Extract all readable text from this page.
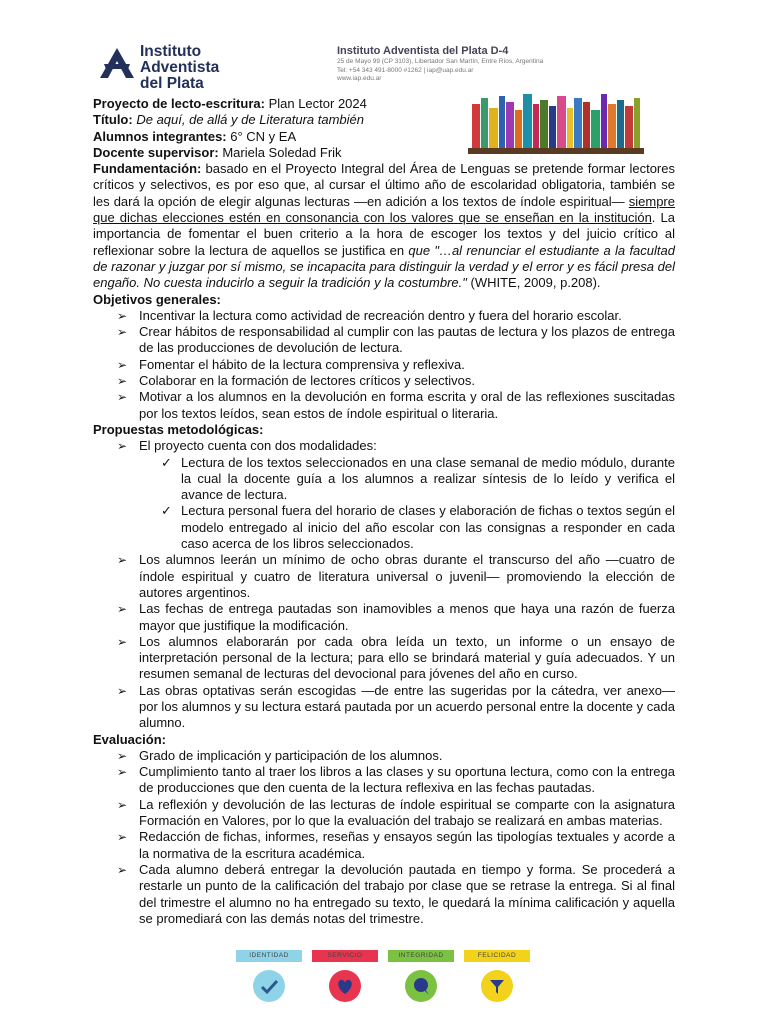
Instituto
Adventista
del Plata
Instituto Adventista del Plata D-4
25 de Mayo 99 (CP 3103), Libertador San Martín, Entre Ríos, Argentina
Tel: +54 343 491-8000 #1262 | iap@uap.edu.ar
www.iap.edu.ar

Proyecto de lecto-escritura: Plan Lector 2024

Título: De aquí, de allá y de Literatura también

Alumnos integrantes: 6° CN y EA

Docente supervisor: Mariela Soledad Frik

Fundamentación: basado en el Proyecto Integral del Área de Lenguas se pretende formar lectores críticos y selectivos, es por eso que, al cursar el último año de escolaridad obligatoria, también se les dará la opción de elegir algunas lecturas —en adición a los textos de índole espiritual— siempre que dichas elecciones estén en consonancia con los valores que se enseñan en la institución. La importancia de fomentar el buen criterio a la hora de escoger los textos y del juicio crítico al reflexionar sobre la lectura de aquellos se justifica en que "…al renunciar el estudiante a la facultad de razonar y juzgar por sí mismo, se incapacita para distinguir la verdad y el error y es fácil presa del engaño. No cuesta inducirlo a seguir la tradición y la costumbre." (WHITE, 2009, p.208).

Objetivos generales:

➢ Incentivar la lectura como actividad de recreación dentro y fuera del horario escolar.
➢ Crear hábitos de responsabilidad al cumplir con las pautas de lectura y los plazos de entrega de las producciones de devolución de lectura.
➢ Fomentar el hábito de la lectura comprensiva y reflexiva.
➢ Colaborar en la formación de lectores críticos y selectivos.
➢ Motivar a los alumnos en la devolución en forma escrita y oral de las reflexiones suscitadas por los textos leídos, sean estos de índole espiritual o literaria.

Propuestas metodológicas:

➢ El proyecto cuenta con dos modalidades:
✓ Lectura de los textos seleccionados en una clase semanal de medio módulo, durante la cual la docente guía a los alumnos a realizar síntesis de lo leído y verifica el avance de lectura.
✓ Lectura personal fuera del horario de clases y elaboración de fichas o textos según el modelo entregado al inicio del año escolar con las consignas a responder en cada caso acerca de los libros seleccionados.
➢ Los alumnos leerán un mínimo de ocho obras durante el transcurso del año —cuatro de índole espiritual y cuatro de literatura universal o juvenil— promoviendo la elección de autores argentinos.
➢ Las fechas de entrega pautadas son inamovibles a menos que haya una razón de fuerza mayor que justifique la modificación.
➢ Los alumnos elaborarán por cada obra leída un texto, un informe o un ensayo de interpretación personal de la lectura; para ello se brindará material y guía adecuados. Y un resumen semanal de lecturas del devocional para jóvenes del año en curso.
➢ Las obras optativas serán escogidas —de entre las sugeridas por la cátedra, ver anexo— por los alumnos y su lectura estará pautada por un acuerdo personal entre la docente y cada alumno.

Evaluación:

➢ Grado de implicación y participación de los alumnos.
➢ Cumplimiento tanto al traer los libros a las clases y su oportuna lectura, como con la entrega de producciones que den cuenta de la lectura reflexiva en las fechas pautadas.
➢ La reflexión y devolución de las lecturas de índole espiritual se comparte con la asignatura Formación en Valores, por lo que la evaluación del trabajo se realizará en ambas materias.
➢ Redacción de fichas, informes, reseñas y ensayos según las tipologías textuales y acorde a la normativa de la escritura académica.
➢ Cada alumno deberá entregar la devolución pautada en tiempo y forma. Se procederá a restarle un punto de la calificación del trabajo por clase que se retrase la entrega. Si al final del trimestre el alumno no ha entregado su texto, le quedará la mínima calificación y aquella se promediará con las demás notas del trimestre.
IDENTIDAD	SERVICIO	INTEGRIDAD	FELICIDAD
